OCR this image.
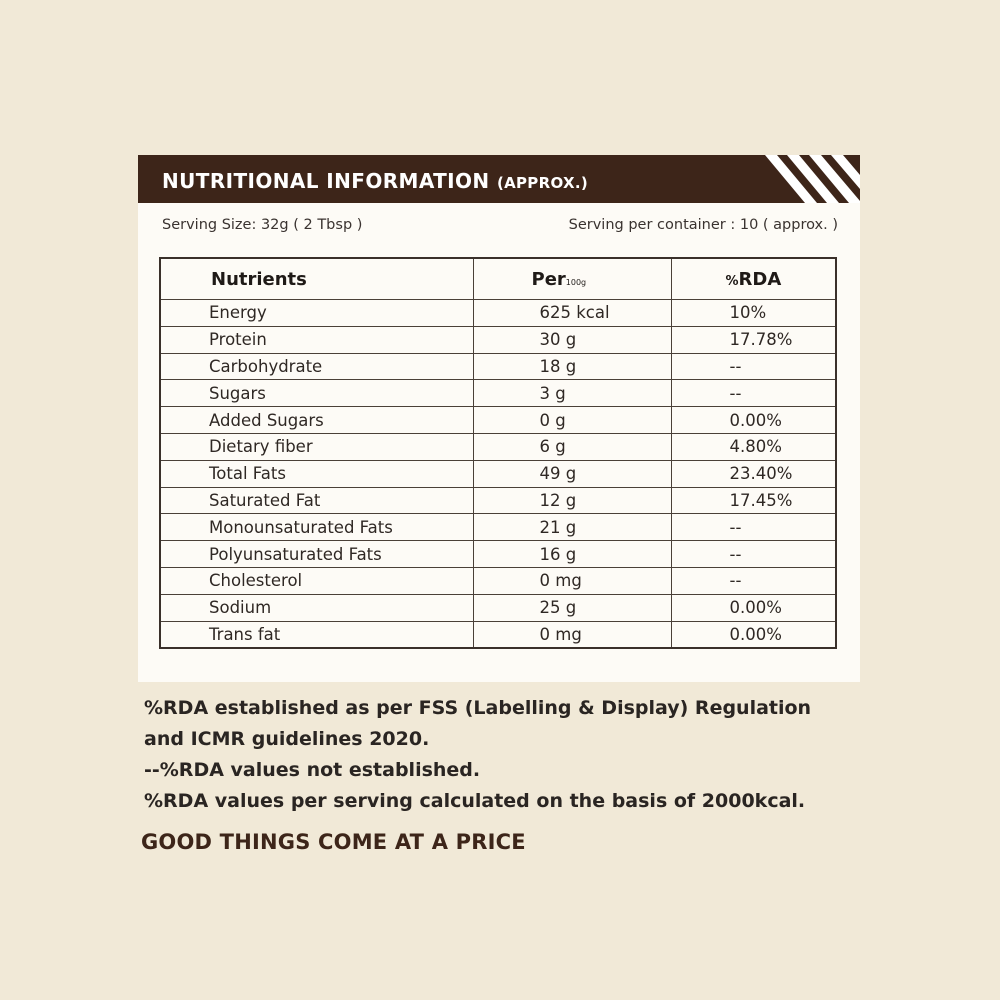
NUTRITIONAL INFORMATION (APPROX.)
Serving Size: 32g ( 2 Tbsp )	Serving per container : 10 ( approx. )
Nutrients	Per100g	%RDA
Energy	625 kcal	10%
Protein	30 g	17.78%
Carbohydrate	18 g	--
Sugars	3 g	--
Added Sugars	0 g	0.00%
Dietary fiber	6 g	4.80%
Total Fats	49 g	23.40%
Saturated Fat	12 g	17.45%
Monounsaturated Fats	21 g	--
Polyunsaturated Fats	16 g	--
Cholesterol	0 mg	--
Sodium	25 g	0.00%
Trans fat	0 mg	0.00%
%RDA established as per FSS (Labelling & Display) Regulation
and ICMR guidelines 2020.
--%RDA values not established.
%RDA values per serving calculated on the basis of 2000kcal.
GOOD THINGS COME AT A PRICE
